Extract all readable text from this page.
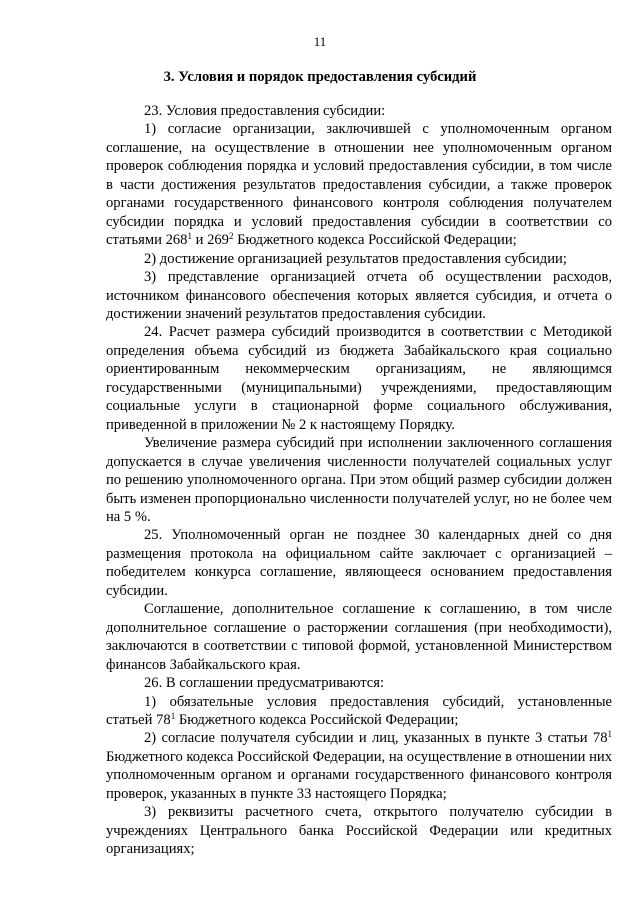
11
3. Условия и порядок предоставления субсидий

23. Условия предоставления субсидии:

1) согласие организации, заключившей с уполномоченным органом соглашение, на осуществление в отношении нее уполномоченным органом проверок соблюдения порядка и условий предоставления субсидии, в том числе в части достижения результатов предоставления субсидии, а также проверок органами государственного финансового контроля соблюдения получателем субсидии порядка и условий предоставления субсидии в соответствии со статьями $268^1$ и $269^2$ Бюджетного кодекса Российской Федерации;

2) достижение организацией результатов предоставления субсидии;

3) представление организацией отчета об осуществлении расходов, источником финансового обеспечения которых является субсидия, и отчета о достижении значений результатов предоставления субсидии.

24. Расчет размера субсидий производится в соответствии с Методикой определения объема субсидий из бюджета Забайкальского края социально ориентированным некоммерческим организациям, не являющимся государственными (муниципальными) учреждениями, предоставляющим социальные услуги в стационарной форме социального обслуживания, приведенной в приложении № 2 к настоящему Порядку.

Увеличение размера субсидий при исполнении заключенного соглашения допускается в случае увеличения численности получателей социальных услуг по решению уполномоченного органа. При этом общий размер субсидии должен быть изменен пропорционально численности получателей услуг, но не более чем на 5 %.

25. Уполномоченный орган не позднее 30 календарных дней со дня размещения протокола на официальном сайте заключает с организацией – победителем конкурса соглашение, являющееся основанием предоставления субсидии.

Соглашение, дополнительное соглашение к соглашению, в том числе дополнительное соглашение о расторжении соглашения (при необходимости), заключаются в соответствии с типовой формой, установленной Министерством финансов Забайкальского края.

26. В соглашении предусматриваются:

1) обязательные условия предоставления субсидий, установленные статьей $78^1$ Бюджетного кодекса Российской Федерации;

2) согласие получателя субсидии и лиц, указанных в пункте 3 статьи $78^1$ Бюджетного кодекса Российской Федерации, на осуществление в отношении них уполномоченным органом и органами государственного финансового контроля проверок, указанных в пункте 33 настоящего Порядка;

3) реквизиты расчетного счета, открытого получателю субсидии в учреждениях Центрального банка Российской Федерации или кредитных организациях;
